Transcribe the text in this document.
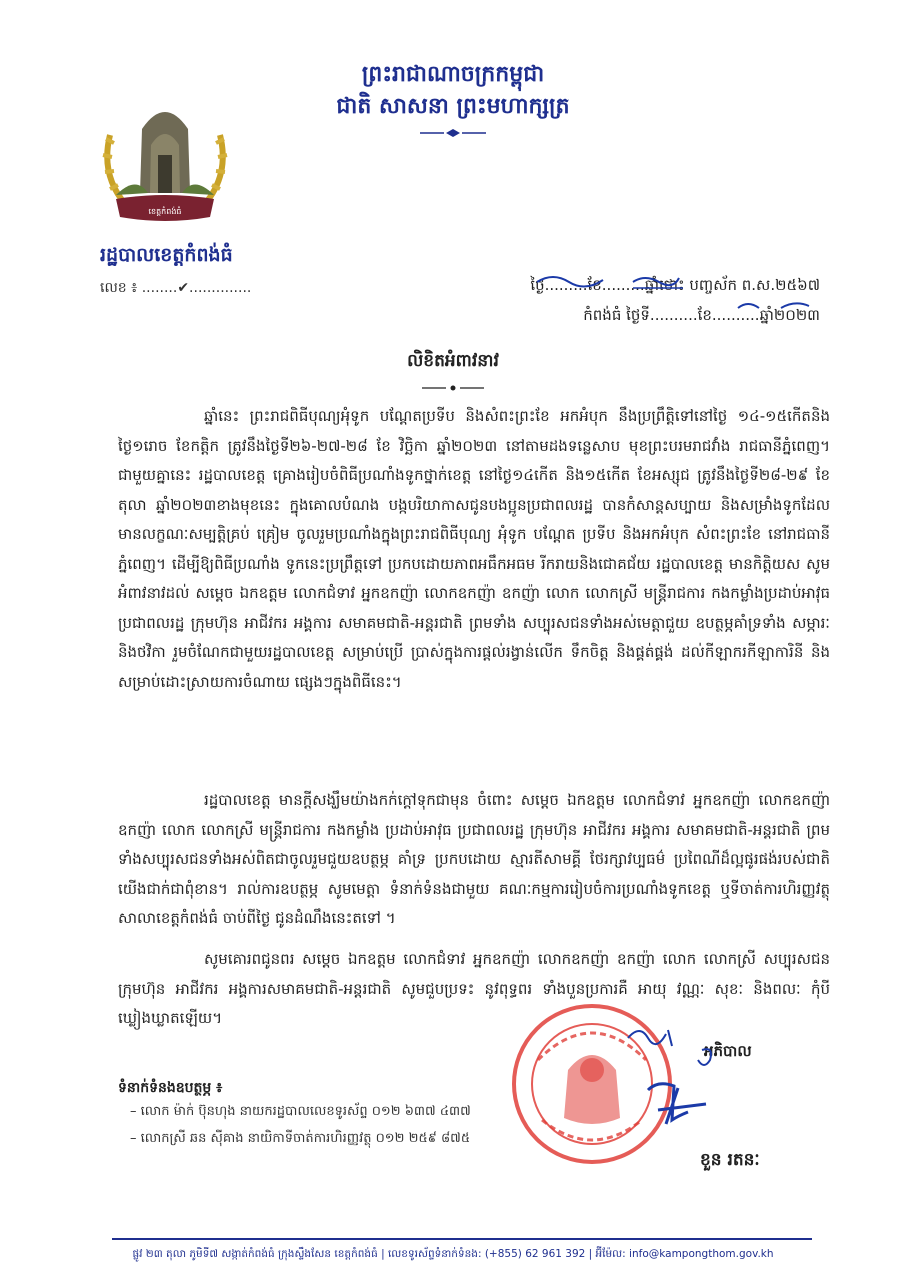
ព្រះរាជាណាចក្រកម្ពុជា
ជាតិ សាសនា ព្រះមហាក្សត្រ
ខេត្តកំពង់ធំ
រដ្ឋបាលខេត្តកំពង់ធំ
លេខ ៖ ........✔..............	ថ្ងៃ.........ខែ.........ឆ្នាំថោះ បញ្ចស័ក ព.ស.២៥៦៧
កំពង់ធំ ថ្ងៃទី..........ខែ..........ឆ្នាំ២០២៣
លិខិតអំពាវនាវ

ឆ្នាំនេះ ព្រះរាជពិធីបុណ្យអុំទូក បណ្ដែតប្រទីប និងសំពះព្រះខែ អកអំបុក នឹងប្រព្រឹត្តិទៅនៅថ្ងៃ ១៤-១៥កើតនិងថ្ងៃ១រោច ខែកត្តិក ត្រូវនឹងថ្ងៃទី២៦-២៧-២៨ ខែ វិច្ឆិកា ឆ្នាំ២០២៣ នៅតាមដងទន្លេសាប មុខព្រះបរមរាជវាំង រាជធានីភ្នំពេញ។ ជាមួយគ្នានេះ រដ្ឋបាលខេត្ត គ្រោងរៀបចំពិធីប្រណាំងទូកថ្នាក់ខេត្ត នៅថ្ងៃ១៤កើត និង១៥កើត ខែអស្សុជ ត្រូវនឹងថ្ងៃទី២៨-២៩ ខែតុលា ឆ្នាំ២០២៣ខាងមុខនេះ ក្នុងគោលបំណង បង្កបរិយាកាសជូនបងប្អូនប្រជាពលរដ្ឋ បានកំសាន្តសប្បាយ និងសម្រាំងទូកដែលមានលក្ខណៈសម្បត្តិគ្រប់ គ្រៀម ចូលរួមប្រណាំងក្នុងព្រះរាជពិធីបុណ្យ អុំទូក បណ្ដែត ប្រទីប និងអកអំបុក សំពះព្រះខែ នៅរាជធានីភ្នំពេញ។ ដើម្បីឱ្យពិធីប្រណាំង ទូកនេះប្រព្រឹត្តទៅ ប្រកបដោយភាពអធឹកអធម រីករាយនិងជោគជ័យ រដ្ឋបាលខេត្ត មានកិត្តិយស សូមអំពាវនាវដល់ សម្ដេច ឯកឧត្ដម លោកជំទាវ អ្នកឧកញ៉ា លោកឧកញ៉ា ឧកញ៉ា លោក លោកស្រី មន្ត្រីរាជការ កងកម្លាំងប្រដាប់អាវុធ ប្រជាពលរដ្ឋ ក្រុមហ៊ុន អាជីវករ អង្គការ សមាគមជាតិ-អន្តរជាតិ ព្រមទាំង សប្បុរសជនទាំងអស់មេត្តាជួយ ឧបត្ថម្ភគាំទ្រទាំង សម្ភារៈ និងថវិកា រួមចំណែកជាមួយរដ្ឋបាលខេត្ត សម្រាប់ប្រើ ប្រាស់ក្នុងការផ្ដល់រង្វាន់លើក ទឹកចិត្ត និងផ្គត់ផ្គង់ ដល់កីឡាករកីឡាការិនី និងសម្រាប់ដោះស្រាយការចំណាយ ផ្សេងៗក្នុងពិធីនេះ។

រដ្ឋបាលខេត្ត មានក្តីសង្ឃឹមយ៉ាងកក់ក្ដៅទុកជាមុន ចំពោះ សម្ដេច ឯកឧត្ដម លោកជំទាវ អ្នកឧកញ៉ា លោកឧកញ៉ា ឧកញ៉ា លោក លោកស្រី មន្ត្រីរាជការ កងកម្លាំង ប្រដាប់អាវុធ ប្រជាពលរដ្ឋ ក្រុមហ៊ុន អាជីវករ អង្គការ សមាគមជាតិ-អន្តរជាតិ ព្រមទាំងសប្បុរសជនទាំងអស់ពិតជាចូលរួមជួយឧបត្ថម្ភ គាំទ្រ ប្រកបដោយ ស្មារតីសាមគ្គី ថែរក្សាវប្បធម៌ ប្រពៃណីដ៏ល្អផូរផង់របស់ជាតិយើងជាក់ជាពុំខាន។ រាល់ការឧបត្ថម្ភ សូមមេត្តា ទំនាក់ទំនងជាមួយ គណៈកម្មការរៀបចំការប្រណាំងទូកខេត្ត ឬទីចាត់ការហិរញ្ញវត្ថុសាលាខេត្តកំពង់ធំ ចាប់ពីថ្ងៃ ជូនដំណឹងនេះតទៅ ។

សូមគោរពជូនពរ សម្ដេច ឯកឧត្ដម លោកជំទាវ អ្នកឧកញ៉ា លោកឧកញ៉ា ឧកញ៉ា លោក លោកស្រី សប្បុរសជន ក្រុមហ៊ុន អាជីវករ អង្គការសមាគមជាតិ-អន្តរជាតិ សូមជួបប្រទះ នូវពុទ្ធពរ ទាំងបួនប្រការគឺ អាយុ វណ្ណៈ សុខៈ និងពលៈ កុំបីឃ្លៀងឃ្លាតឡើយ។

អភិបាល
ខួន រតនៈ
ទំនាក់ទំនងឧបត្ថម្ភ ៖
– លោក ម៉ាក់ ប៊ុនហុង នាយករដ្ឋបាលលេខទូរស័ព្ទ ០១២ ៦៣៧ ៤៣៧
– លោកស្រី ឆន ស៊ីគាង នាយិកាទីចាត់ការហិរញ្ញវត្ថុ ០១២ ២៥៩ ៨៧៥
ផ្លូវ ២៣ តុលា ភូមិទី៧ សង្កាត់កំពង់ធំ ក្រុងស្ទឹងសែន ខេត្តកំពង់ធំ | លេខទូរស័ព្ទទំនាក់ទំនង: (+855) 62 961 392 | អ៊ីម៉ែល: info@kampongthom.gov.kh
